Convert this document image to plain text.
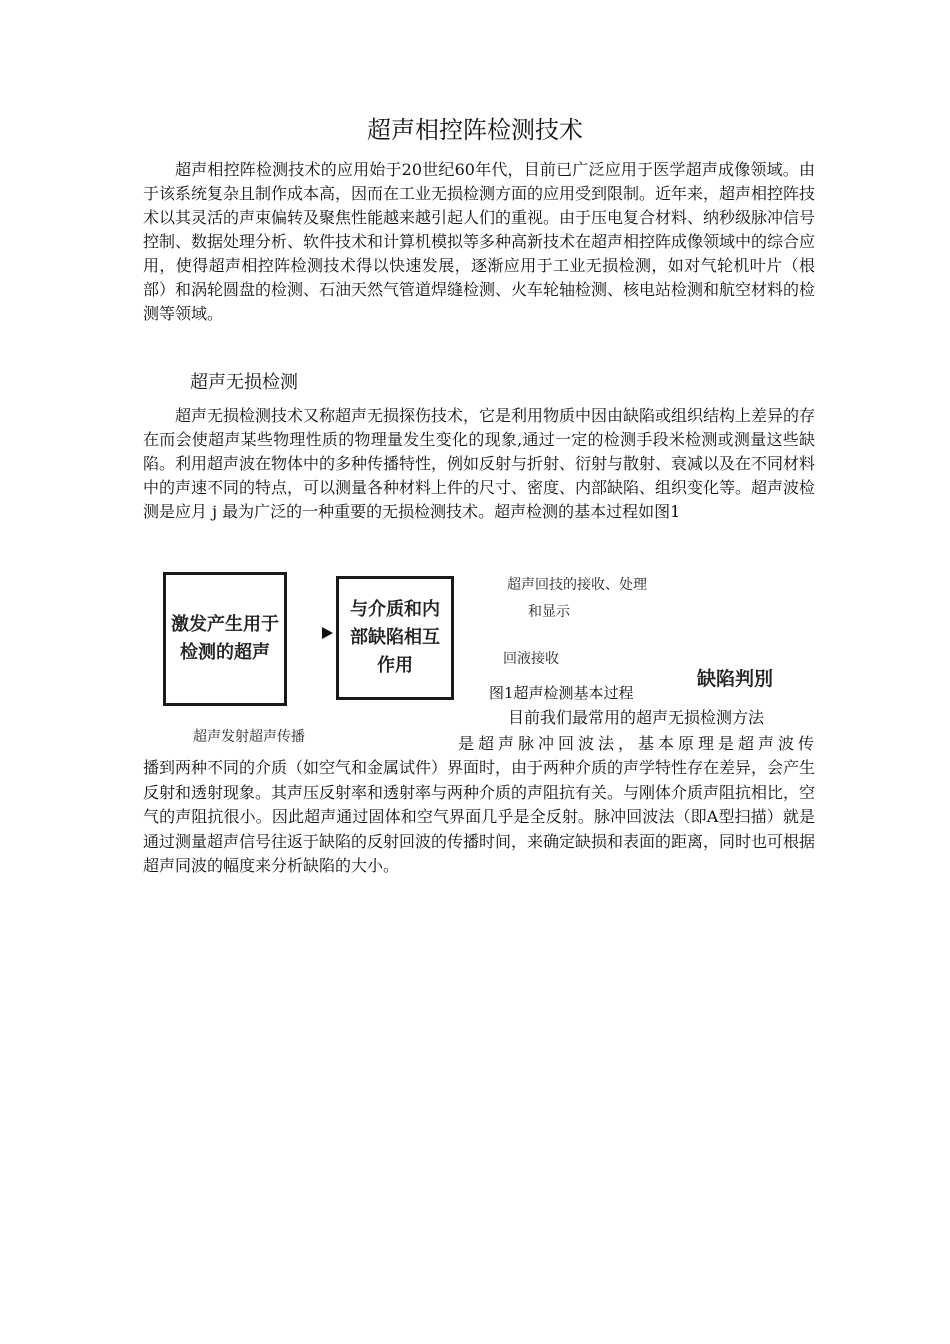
超声相控阵检测技术

超声相控阵检测技术的应用始于20世纪60年代，目前已广泛应用于医学超声成像领域。由于该系统复杂且制作成本高，因而在工业无损检测方面的应用受到限制。近年来，超声相控阵技术以其灵活的声束偏转及聚焦性能越来越引起人们的重视。由于压电复合材料、纳秒级脉冲信号控制、数据处理分析、软件技术和计算机模拟等多种高新技术在超声相控阵成像领域中的综合应用，使得超声相控阵检测技术得以快速发展，逐渐应用于工业无损检测，如对气轮机叶片（根部）和涡轮圆盘的检测、石油天然气管道焊缝检测、火车轮轴检测、核电站检测和航空材料的检测等领域。

超声无损检测

超声无损检测技术又称超声无损探伤技术，它是利用物质中因由缺陷或组织结构上差异的存在而会使超声某些物理性质的物理量发生变化的现象,通过一定的检测手段米检测或测量这些缺陷。利用超声波在物体中的多种传播特性，例如反射与折射、衍射与散射、衰减以及在不同材料中的声速不同的特点，可以测量各种材料上件的尺寸、密度、内部缺陷、组织变化等。超声波检测是应月 j 最为广泛的一种重要的无损检测技术。超声检测的基本过程如图1

激发产生用于检测的超声
与介质和内部缺陷相互作用
超声回技的接收、处理
和显示
回液接收
缺陷判別
超声发射超声传播
图1超声检测基本过程
目前我们最常用的超声无损检测方法
是超声脉冲回波法，基本原理是超声波传

播到两种不同的介质（如空气和金属试件）界面时，由于两种介质的声学特性存在差异，会产生反射和透射现象。其声压反射率和透射率与两种介质的声阻抗有关。与刚体介质声阻抗相比，空气的声阻抗很小。因此超声通过固体和空气界面几乎是全反射。脉冲回波法（即A型扫描）就是通过测量超声信号往返于缺陷的反射回波的传播时间，来确定缺损和表面的距离，同时也可根据超声同波的幅度来分析缺陷的大小。
